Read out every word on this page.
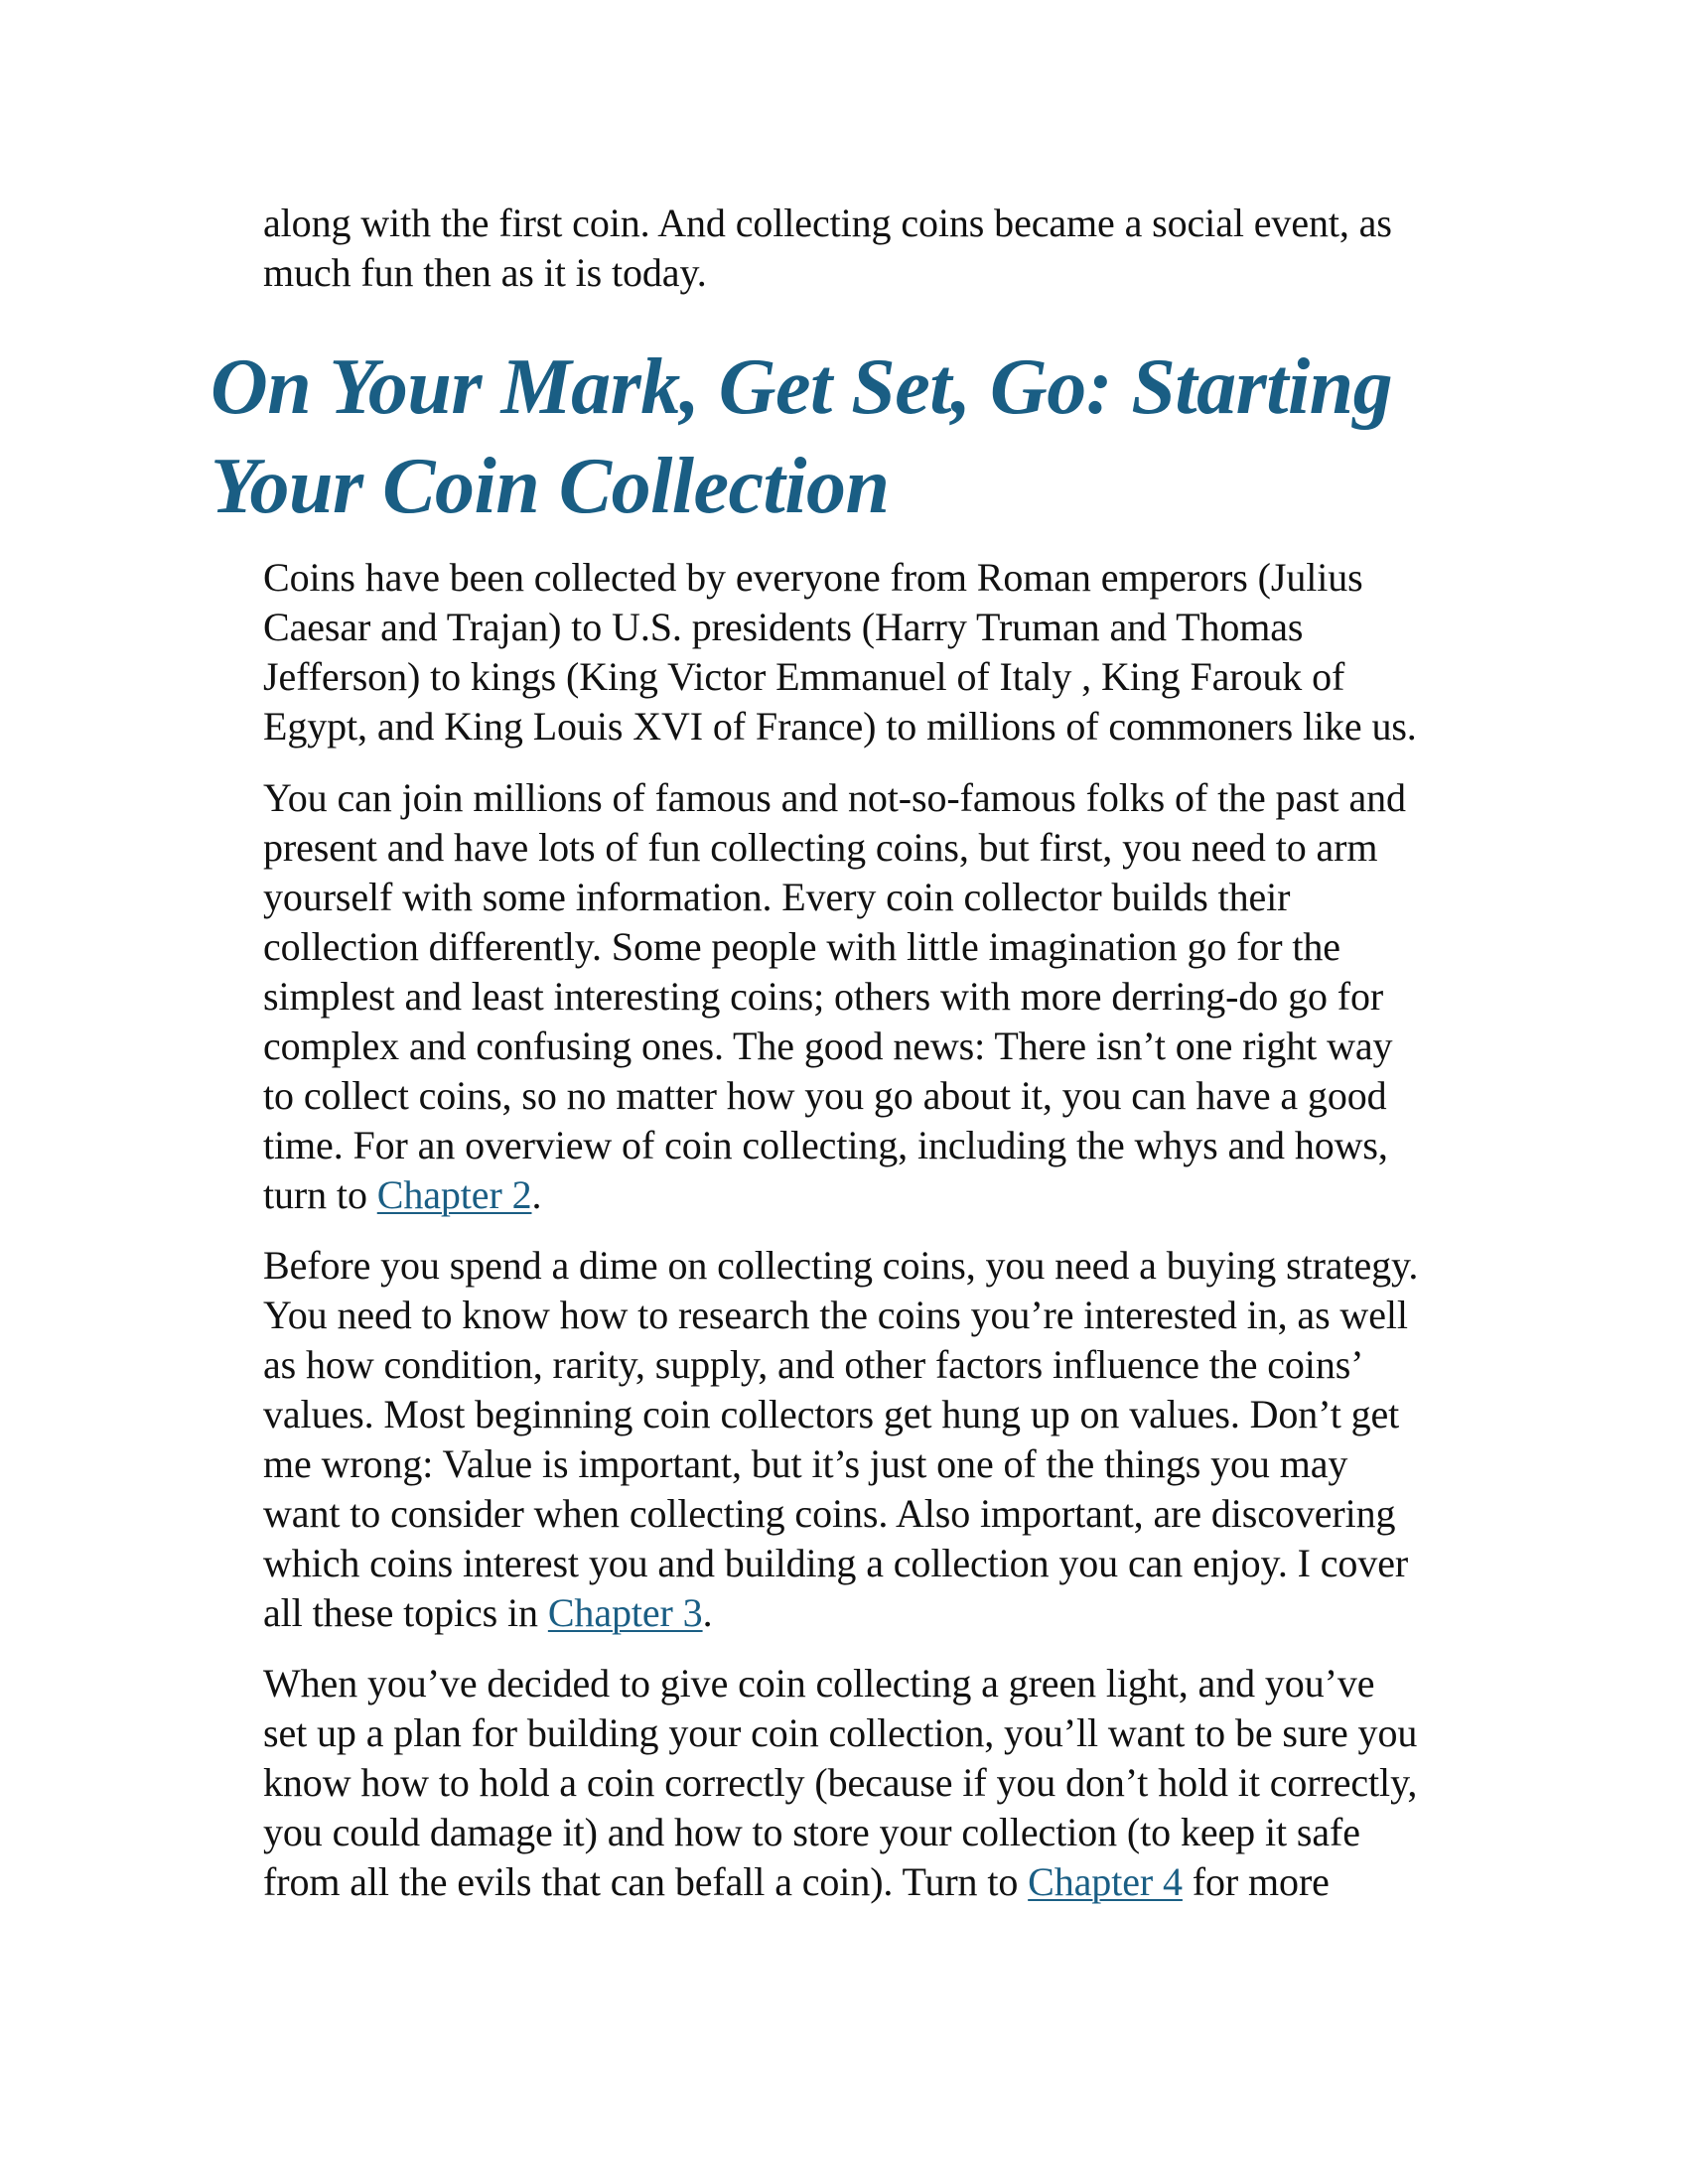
along with the first coin. And collecting coins became a social event, as
much fun then as it is today.

On Your Mark, Get Set, Go: Starting
Your Coin Collection

Coins have been collected by everyone from Roman emperors (Julius
Caesar and Trajan) to U.S. presidents (Harry Truman and Thomas
Jefferson) to kings (King Victor Emmanuel of Italy , King Farouk of
Egypt, and King Louis XVI of France) to millions of commoners like us.

You can join millions of famous and not-so-famous folks of the past and
present and have lots of fun collecting coins, but first, you need to arm
yourself with some information. Every coin collector builds their
collection differently. Some people with little imagination go for the
simplest and least interesting coins; others with more derring-do go for
complex and confusing ones. The good news: There isn’t one right way
to collect coins, so no matter how you go about it, you can have a good
time. For an overview of coin collecting, including the whys and hows,
turn to Chapter 2.

Before you spend a dime on collecting coins, you need a buying strategy.
You need to know how to research the coins you’re interested in, as well
as how condition, rarity, supply, and other factors influence the coins’
values. Most beginning coin collectors get hung up on values. Don’t get
me wrong: Value is important, but it’s just one of the things you may
want to consider when collecting coins. Also important, are discovering
which coins interest you and building a collection you can enjoy. I cover
all these topics in Chapter 3.

When you’ve decided to give coin collecting a green light, and you’ve
set up a plan for building your coin collection, you’ll want to be sure you
know how to hold a coin correctly (because if you don’t hold it correctly,
you could damage it) and how to store your collection (to keep it safe
from all the evils that can befall a coin). Turn to Chapter 4 for more
